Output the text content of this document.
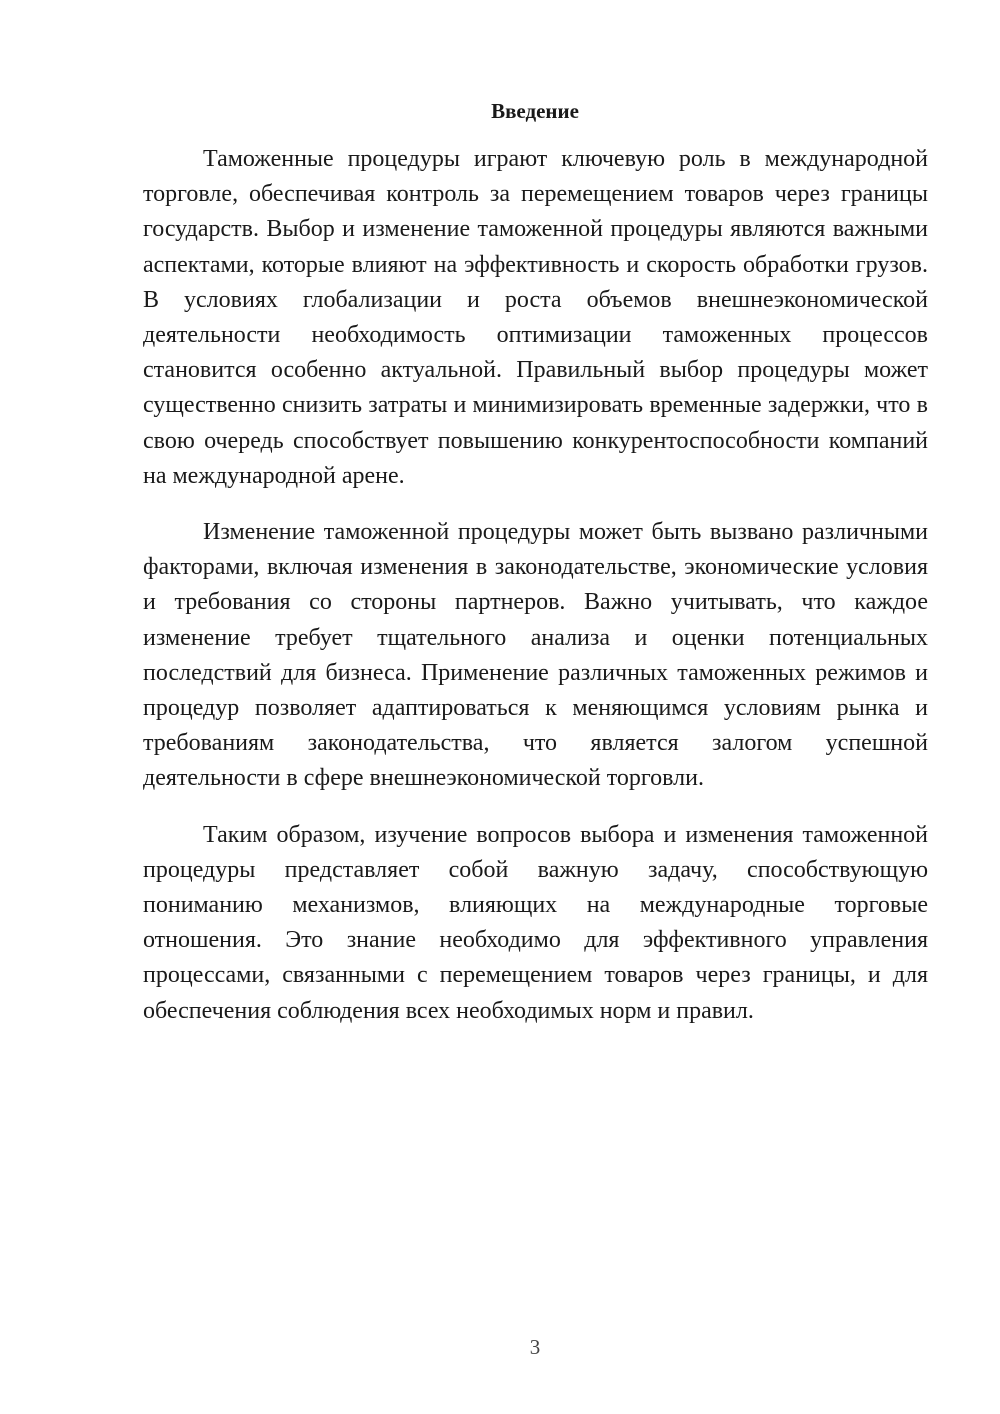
Введение

Таможенные процедуры играют ключевую роль в международной торговле, обеспечивая контроль за перемещением товаров через границы государств. Выбор и изменение таможенной процедуры являются важными аспектами, которые влияют на эффективность и скорость обработки грузов. В условиях глобализации и роста объемов внешнеэкономической деятельности необходимость оптимизации таможенных процессов становится особенно актуальной. Правильный выбор процедуры может существенно снизить затраты и минимизировать временные задержки, что в свою очередь способствует повышению конкурентоспособности компаний на международной арене.

Изменение таможенной процедуры может быть вызвано различными факторами, включая изменения в законодательстве, экономические условия и требования со стороны партнеров. Важно учитывать, что каждое изменение требует тщательного анализа и оценки потенциальных последствий для бизнеса. Применение различных таможенных режимов и процедур позволяет адаптироваться к меняющимся условиям рынка и требованиям законодательства, что является залогом успешной деятельности в сфере внешнеэкономической торговли.

Таким образом, изучение вопросов выбора и изменения таможенной процедуры представляет собой важную задачу, способствующую пониманию механизмов, влияющих на международные торговые отношения. Это знание необходимо для эффективного управления процессами, связанными с перемещением товаров через границы, и для обеспечения соблюдения всех необходимых норм и правил.

3
